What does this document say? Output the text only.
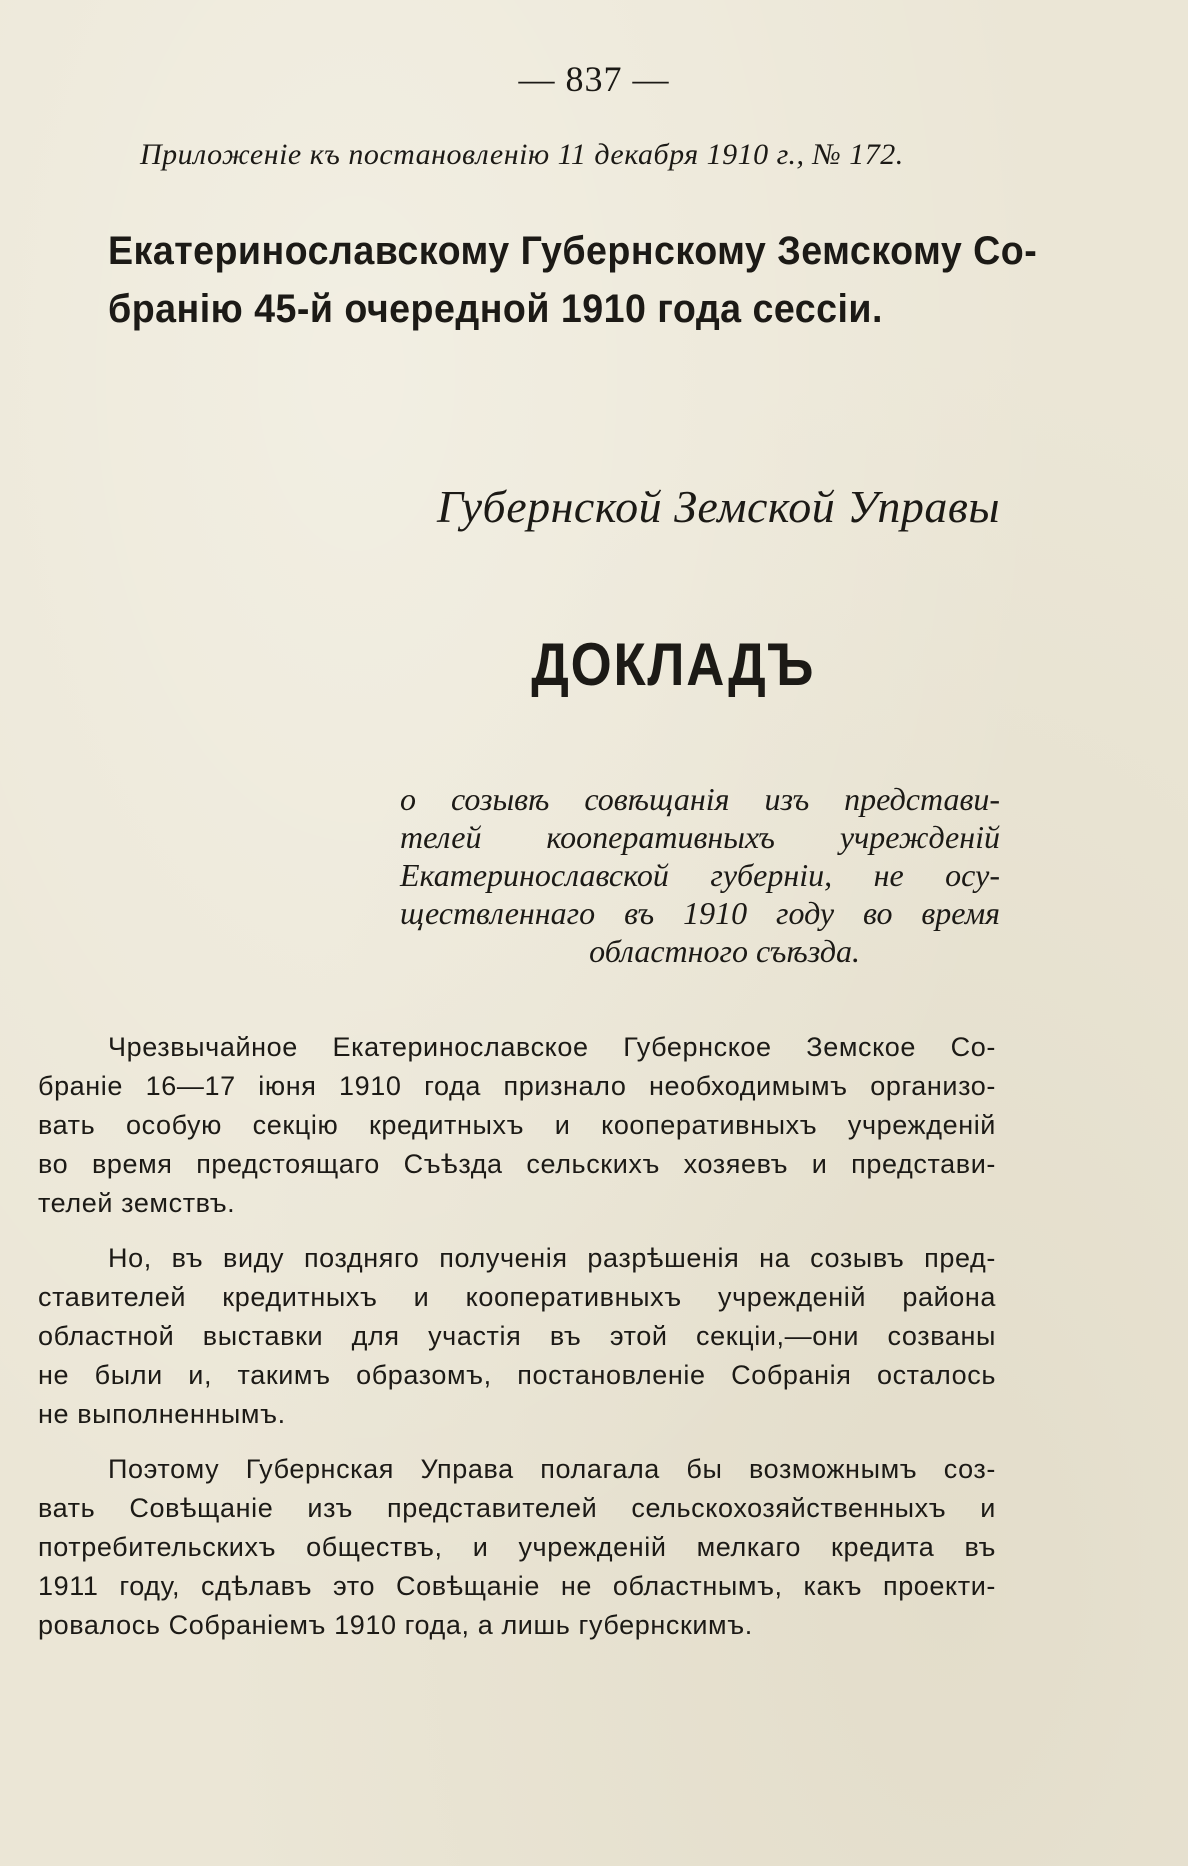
— 837 —
Приложенiе къ постановленiю 11 декабря 1910 г., № 172.
Екатеринославскому Губернскому Земскому Со-
бранiю 45-й очередной 1910 года сессiи.
Губернской Земской Управы
ДОКЛАДЪ
о созывѣ совѣщанiя изъ представи-
телей кооперативныхъ учрежденiй
Екатеринославской губернiи, не осу-
ществленнаго въ 1910 году во время
областного съѣзда.
Чрезвычайное Екатеринославское Губернское Земское Со-
бранiе 16—17 iюня 1910 года признало необходимымъ организо-
вать особую секцiю кредитныхъ и кооперативныхъ учрежденiй
во время предстоящаго Съѣзда сельскихъ хозяевъ и представи-
телей земствъ.
Но, въ виду поздняго полученiя разрѣшенiя на созывъ пред-
ставителей кредитныхъ и кооперативныхъ учрежденiй района
областной выставки для участiя въ этой секцiи,—они созваны
не были и, такимъ образомъ, постановленiе Собранiя осталось
не выполненнымъ.
Поэтому Губернская Управа полагала бы возможнымъ соз-
вать Совѣщанiе изъ представителей сельскохозяйственныхъ и
потребительскихъ обществъ, и учрежденiй мелкаго кредита въ
1911 году, сдѣлавъ это Совѣщанiе не областнымъ, какъ проекти-
ровалось Собранiемъ 1910 года, а лишь губернскимъ.
